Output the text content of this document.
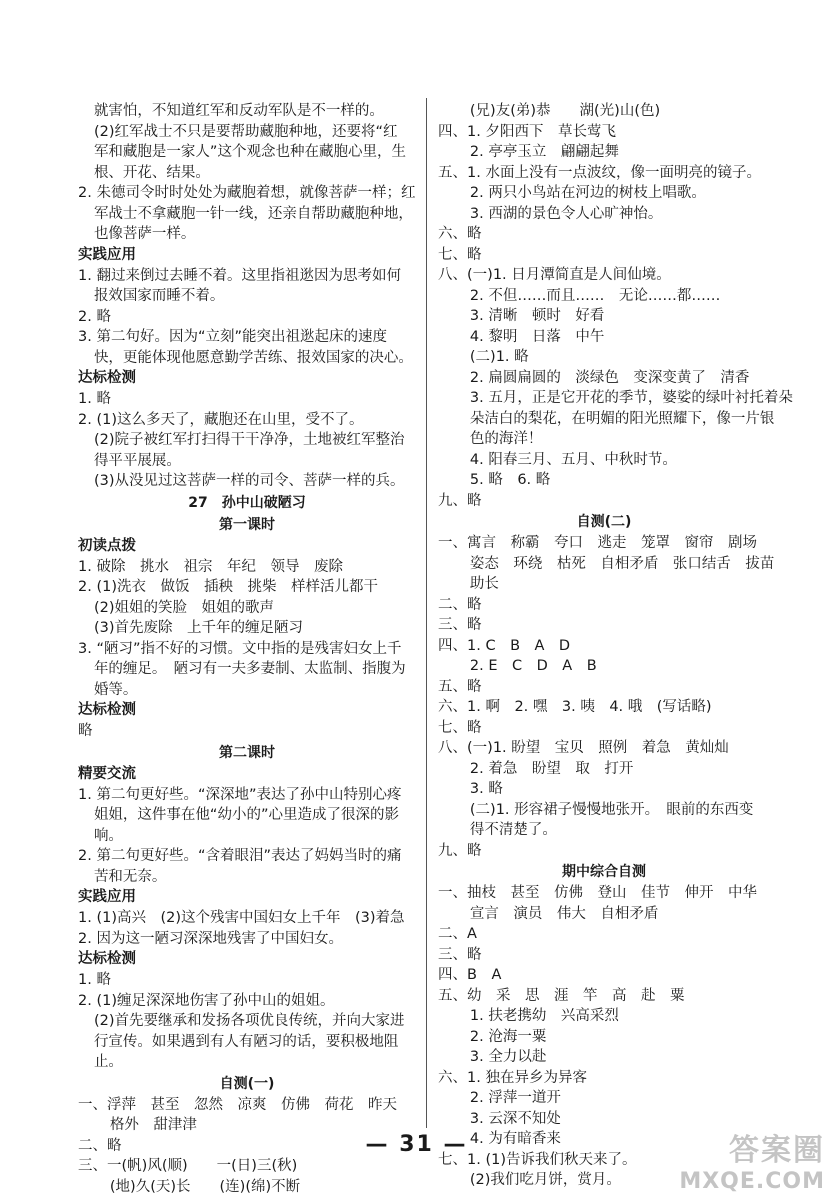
就害怕，不知道红军和反动军队是不一样的。
(2)红军战士不只是要帮助藏胞种地，还要将“红
军和藏胞是一家人”这个观念也种在藏胞心里，生
根、开花、结果。
2. 朱德司令时时处处为藏胞着想，就像菩萨一样；红
军战士不拿藏胞一针一线，还亲自帮助藏胞种地，
也像菩萨一样。
实践应用
1. 翻过来倒过去睡不着。这里指祖逖因为思考如何
报效国家而睡不着。
2. 略
3. 第二句好。因为“立刻”能突出祖逖起床的速度
快，更能体现他愿意勤学苦练、报效国家的决心。
达标检测
1. 略
2. (1)这么多天了，藏胞还在山里，受不了。
(2)院子被红军打扫得干干净净，土地被红军整治
得平平展展。
(3)从没见过这菩萨一样的司令、菩萨一样的兵。
27　孙中山破陋习
第一课时
初读点拨
1. 破除　挑水　祖宗　年纪　领导　废除
2. (1)洗衣　做饭　插秧　挑柴　样样活儿都干
(2)姐姐的笑脸　姐姐的歌声
(3)首先废除　上千年的缠足陋习
3. “陋习”指不好的习惯。文中指的是残害妇女上千
年的缠足。　陋习有一夫多妻制、太监制、指腹为
婚等。
达标检测
略
第二课时
精要交流
1. 第二句更好些。“深深地”表达了孙中山特别心疼
姐姐，这件事在他“幼小的”心里造成了很深的影
响。
2. 第二句更好些。“含着眼泪”表达了妈妈当时的痛
苦和无奈。
实践应用
1. (1)高兴　(2)这个残害中国妇女上千年　(3)着急
2. 因为这一陋习深深地残害了中国妇女。
达标检测
1. 略
2. (1)缠足深深地伤害了孙中山的姐姐。
(2)首先要继承和发扬各项优良传统，并向大家进
行宣传。如果遇到有人有陋习的话，要积极地阻
止。
自测(一)
一、浮萍　甚至　忽然　凉爽　仿佛　荷花　昨天
格外　甜津津
二、略
三、一(帆)风(顺)　　一(日)三(秋)
(地)久(天)长　　(连)(绵)不断
(兄)友(弟)恭　　湖(光)山(色)
四、1. 夕阳西下　草长莺飞
2. 亭亭玉立　翩翩起舞
五、1. 水面上没有一点波纹，像一面明亮的镜子。
2. 两只小鸟站在河边的树枝上唱歌。
3. 西湖的景色令人心旷神怡。
六、略
七、略
八、(一)1. 日月潭简直是人间仙境。
2. 不但……而且……　无论……都……
3. 清晰　顿时　好看
4. 黎明　日落　中午
(二)1. 略
2. 扁圆扁圆的　淡绿色　变深变黄了　清香
3. 五月，正是它开花的季节，婆娑的绿叶衬托着朵
朵洁白的梨花，在明媚的阳光照耀下，像一片银
色的海洋！
4. 阳春三月、五月、中秋时节。
5. 略　6. 略
九、略
自测(二)
一、寓言　称霸　夸口　逃走　笼罩　窗帘　剧场
姿态　环绕　枯死　自相矛盾　张口结舌　拔苗
助长
二、略
三、略
四、1. C　B　A　D
2. E　C　D　A　B
五、略
六、1. 啊　2. 嘿　3. 咦　4. 哦　(写话略)
七、略
八、(一)1. 盼望　宝贝　照例　着急　黄灿灿
2. 着急　盼望　取　打开
3. 略
(二)1. 形容裙子慢慢地张开。　眼前的东西变
得不清楚了。
九、略
期中综合自测
一、抽枝　甚至　仿佛　登山　佳节　伸开　中华
宣言　演员　伟大　自相矛盾
二、A
三、略
四、B　A
五、幼　采　思　涯　竿　高　赴　粟
1. 扶老携幼　兴高采烈
2. 沧海一粟
3. 全力以赴
六、1. 独在异乡为异客
2. 浮萍一道开
3. 云深不知处
4. 为有暗香来
七、1. (1)告诉我们秋天来了。
(2)我们吃月饼，赏月。
— 31 —	答案圈
MXQE.COM
